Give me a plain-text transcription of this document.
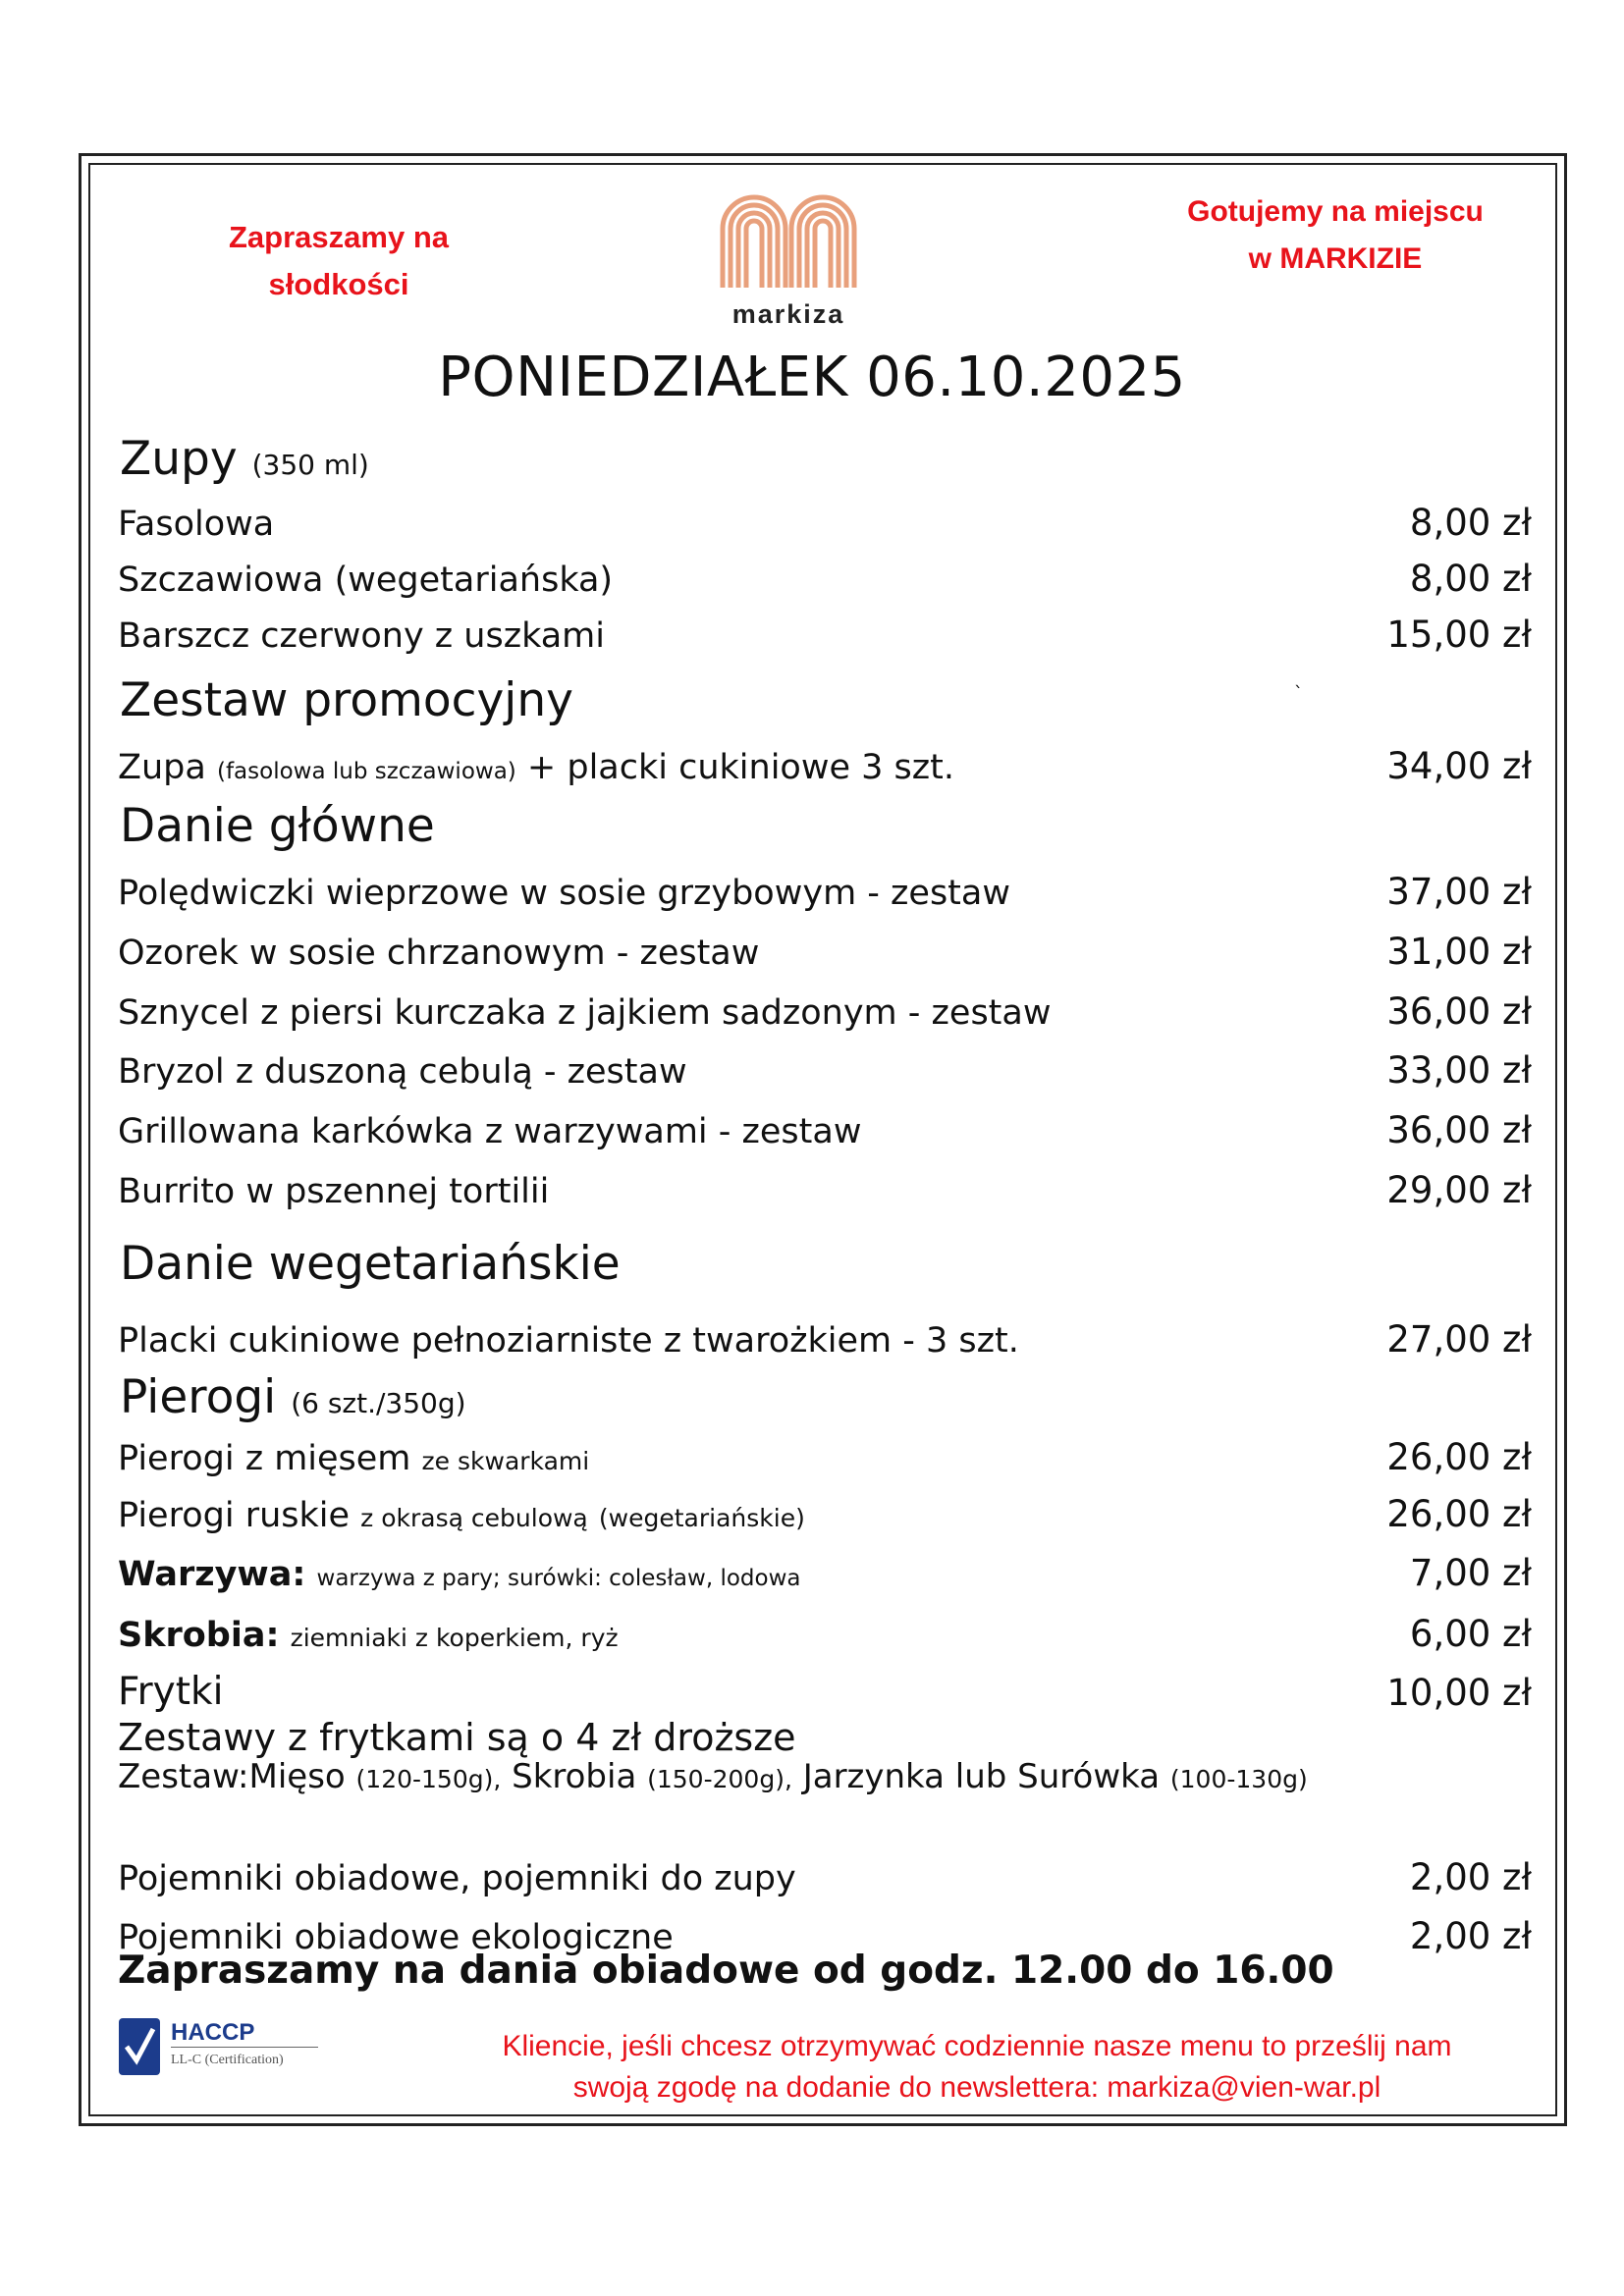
Zapraszamy na słodkości
Gotujemy na miejscu
w MARKIZIE
markiza
PONIEDZIAŁEK 06.10.2025
Zupy (350 ml)
Fasolowa	8,00 zł
Szczawiowa (wegetariańska)	8,00 zł
Barszcz czerwony z uszkami	15,00 zł
Zestaw promocyjny	`
Zupa (fasolowa lub szczawiowa) + placki cukiniowe 3 szt.	34,00 zł
Danie główne
Polędwiczki wieprzowe w sosie grzybowym - zestaw	37,00 zł
Ozorek w sosie chrzanowym - zestaw	31,00 zł
Sznycel z piersi kurczaka z jajkiem sadzonym - zestaw	36,00 zł
Bryzol z duszoną cebulą - zestaw	33,00 zł
Grillowana karkówka z warzywami - zestaw	36,00 zł
Burrito w pszennej tortilii	29,00 zł
Danie wegetariańskie
Placki cukiniowe pełnoziarniste z twarożkiem - 3 szt.	27,00 zł
Pierogi (6 szt./350g)
Pierogi z mięsem ze skwarkami	26,00 zł
Pierogi ruskie z okrasą cebulową (wegetariańskie)	26,00 zł
Warzywa: warzywa z pary; surówki: colesław, lodowa	7,00 zł
Skrobia: ziemniaki z koperkiem, ryż	6,00 zł
Frytki	10,00 zł
Zestawy z frytkami są o 4 zł droższe
Zestaw:Mięso (120-150g), Skrobia (150-200g), Jarzynka lub Surówka (100-130g)
Pojemniki obiadowe, pojemniki do zupy	2,00 zł
Pojemniki obiadowe ekologiczne	2,00 zł
Zapraszamy na dania obiadowe od godz. 12.00 do 16.00
HACCP
LL-C (Certification)	Kliencie, jeśli chcesz otrzymywać codziennie nasze menu to prześlij nam
swoją zgodę na dodanie do newslettera: markiza@vien-war.pl
